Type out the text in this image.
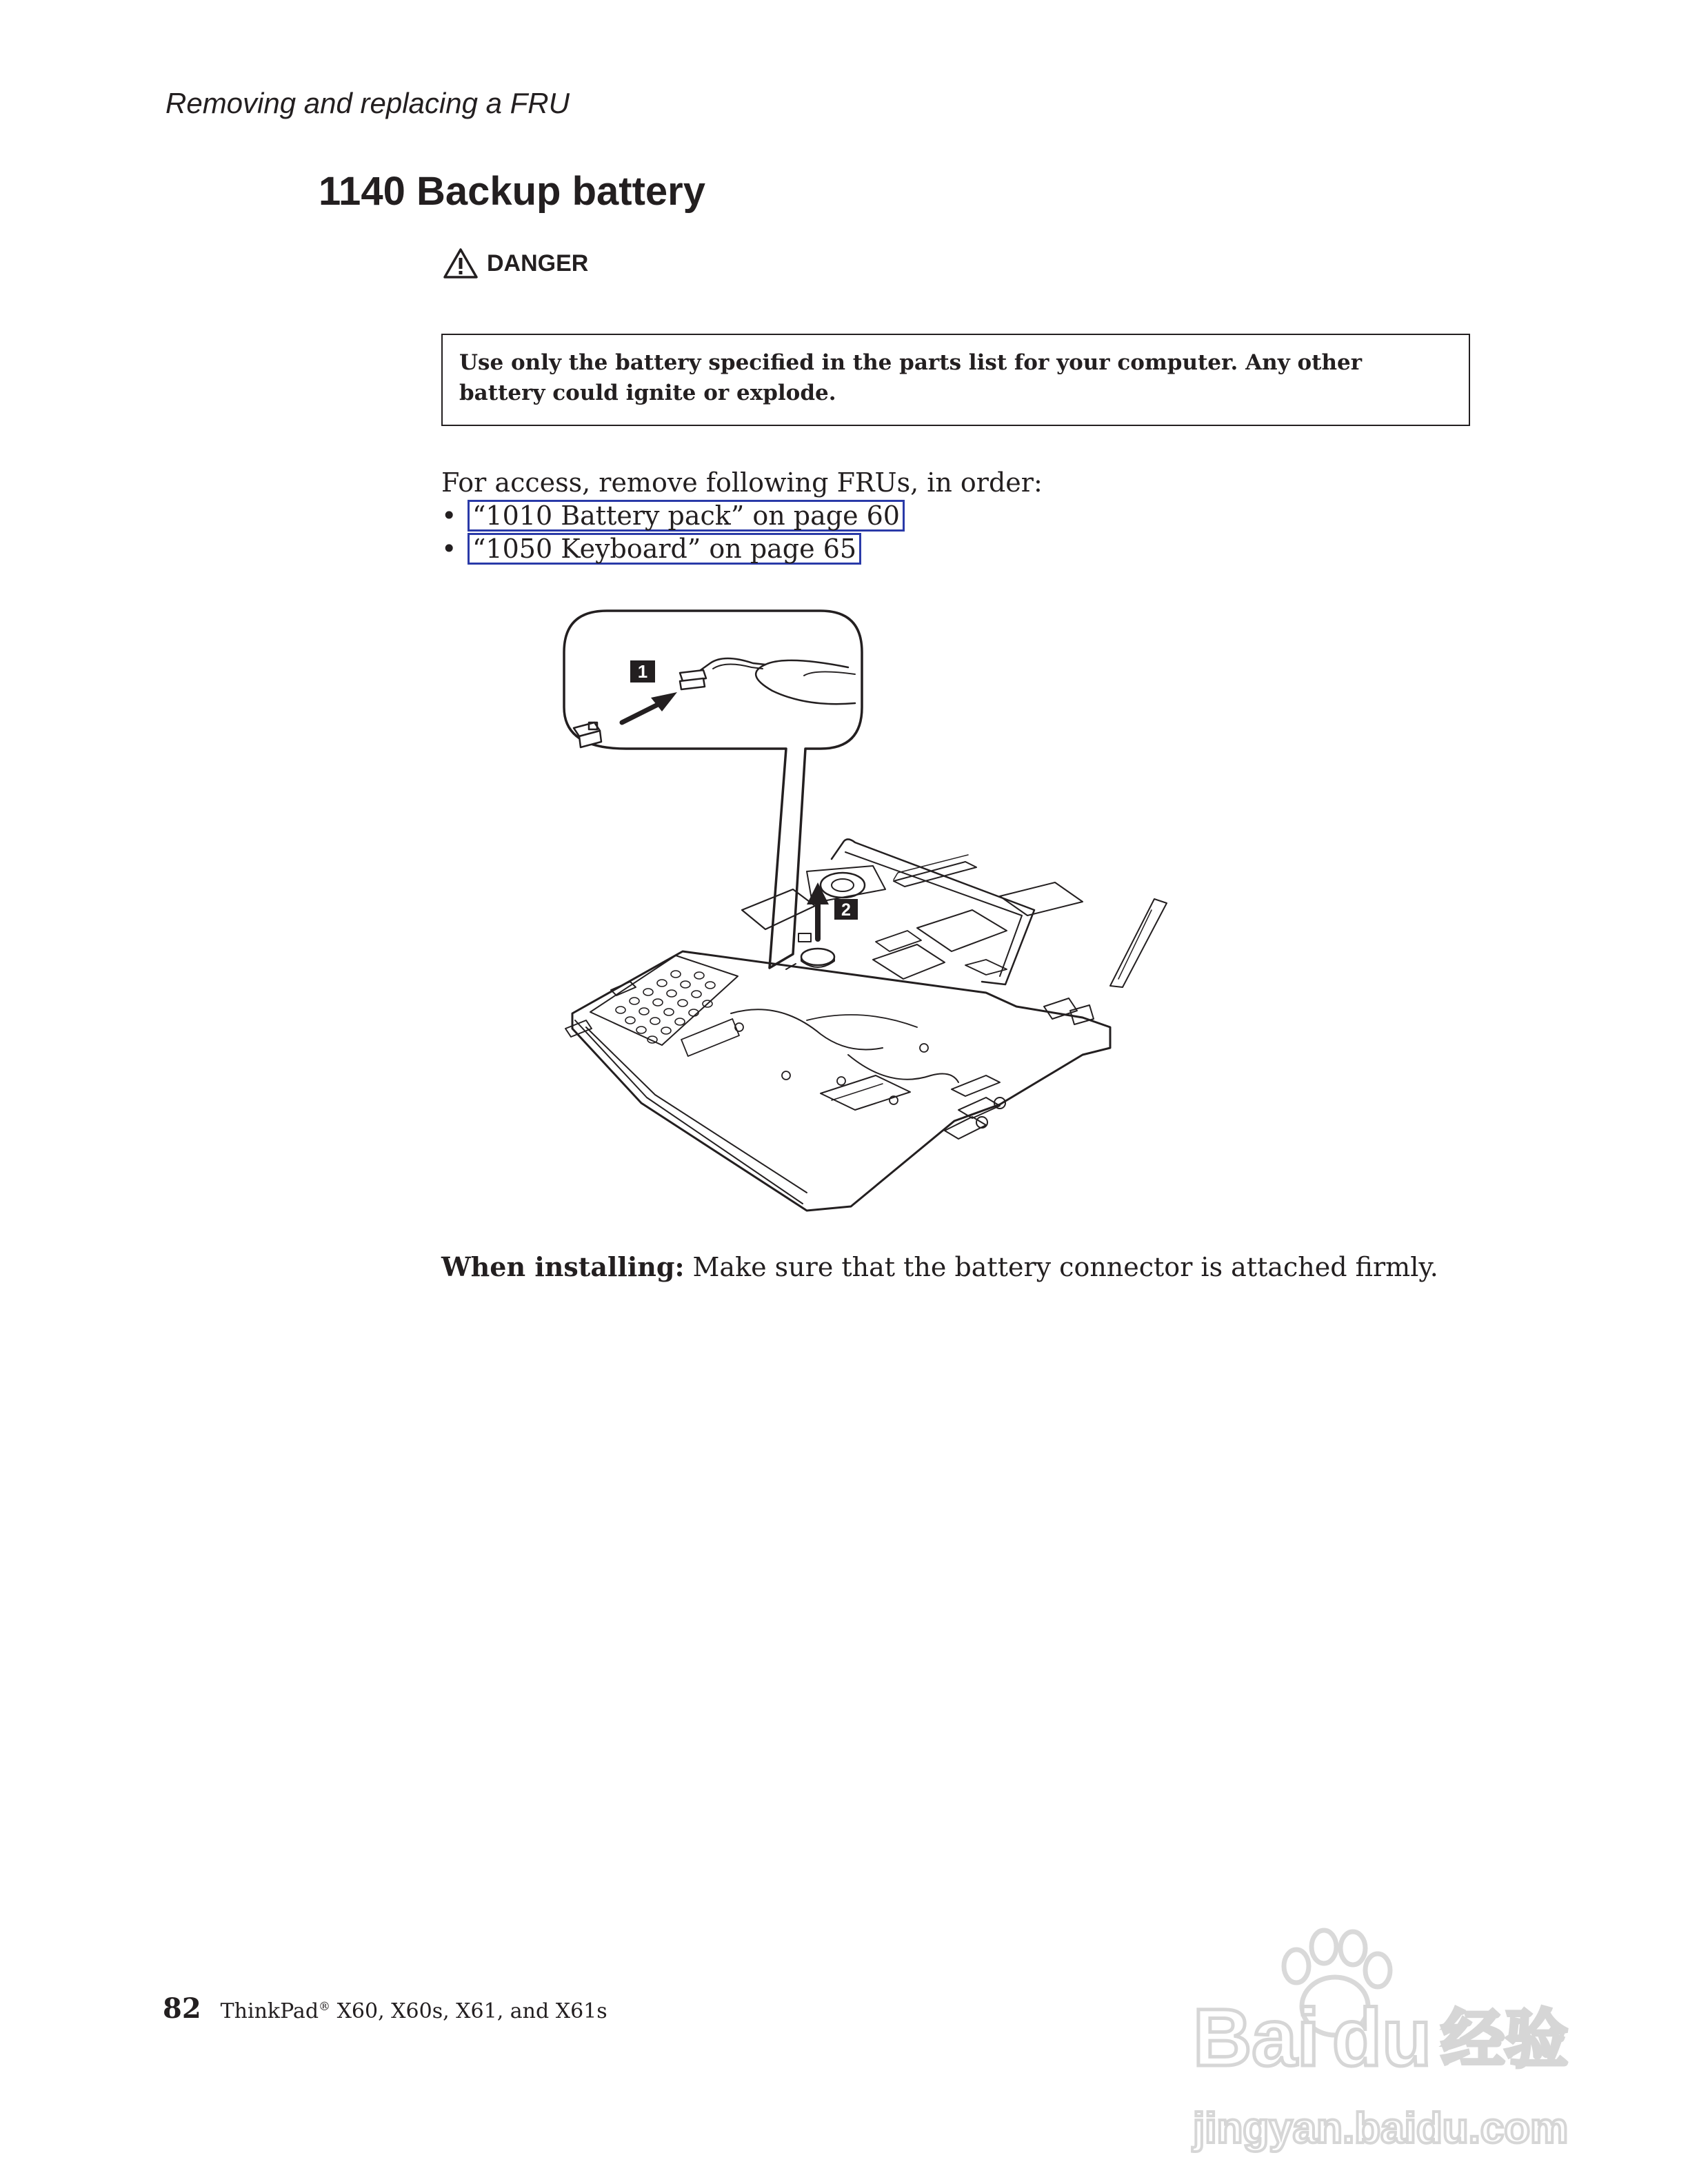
Removing and replacing a FRU
1140 Backup battery
DANGER

Use only the battery specified in the parts list for your computer. Any other battery could ignite or explode.

For access, remove following FRUs, in order:

• “1010 Battery pack” on page 60
• “1050 Keyboard” on page 65
1
2

When installing: Make sure that the battery connector is attached firmly.

82 ThinkPad® X60, X60s, X61, and X61s	Bai du 经验
jingyan.baidu.com
